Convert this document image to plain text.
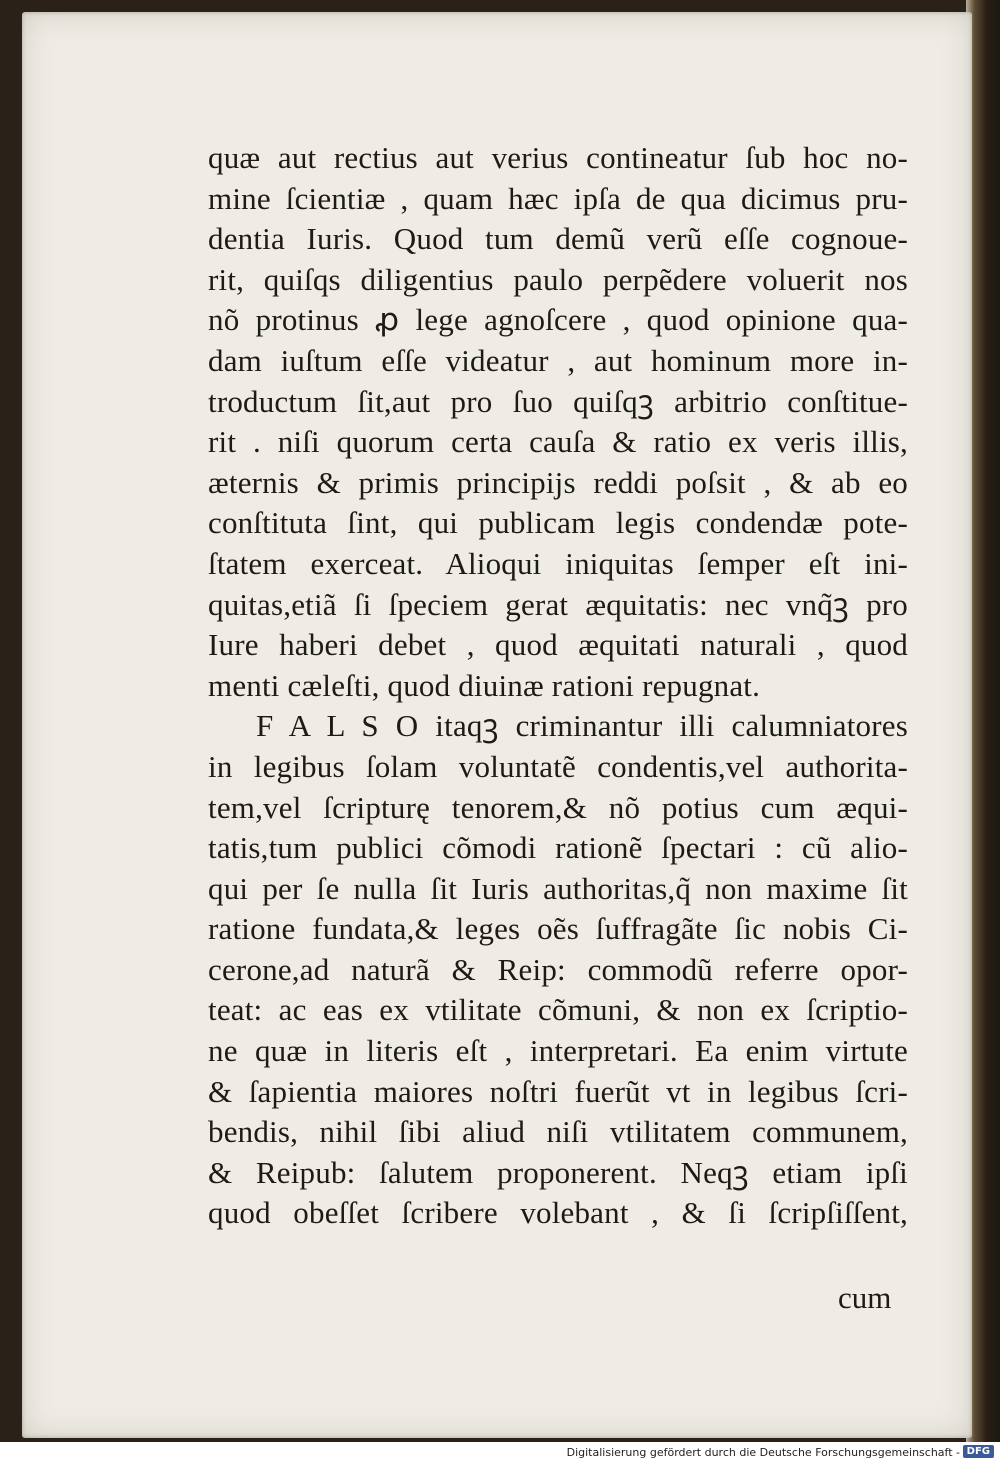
quæ aut rectius aut verius contineatur ſub hoc no-
mine ſcientiæ , quam hæc ipſa de qua dicimus pru-
dentia Iuris. Quod tum demũ verũ eſſe cognoue-
rit, quiſqs diligentius paulo perpẽdere voluerit nos
nõ protinus ꝓ lege agnoſcere , quod opinione qua-
dam iuſtum eſſe videatur , aut hominum more in-
troductum ſit,aut pro ſuo quiſqꝫ arbitrio conſtitue-
rit . niſi quorum certa cauſa & ratio ex veris illis,
æternis & primis principijs reddi poſsit , & ab eo
conſtituta ſint, qui publicam legis condendæ pote-
ſtatem exerceat. Alioqui iniquitas ſemper eſt ini-
quitas,etiã ſi ſpeciem gerat æquitatis: nec vnq̃ꝫ pro
Iure haberi debet , quod æquitati naturali , quod
menti cæleſti, quod diuinæ rationi repugnat.
F A L S O itaqꝫ criminantur illi calumniatores
in legibus ſolam voluntatẽ condentis,vel authorita-
tem,vel ſcripturę tenorem,& nõ potius cum æqui-
tatis,tum publici cõmodi rationẽ ſpectari : cũ alio-
qui per ſe nulla ſit Iuris authoritas,q̃ non maxime ſit
ratione fundata,& leges oẽs ſuffragãte ſic nobis Ci-
cerone,ad naturã & Reip: commodũ referre opor-
teat: ac eas ex vtilitate cõmuni, & non ex ſcriptio-
ne quæ in literis eſt , interpretari. Ea enim virtute
& ſapientia maiores noſtri fuerũt vt in legibus ſcri-
bendis, nihil ſibi aliud niſi vtilitatem communem,
& Reipub: ſalutem proponerent. Neqꝫ etiam ipſi
quod obeſſet ſcribere volebant , & ſi ſcripſiſſent,
cum
Digitalisierung gefördert durch die Deutsche Forschungsgemeinschaft - DFG
